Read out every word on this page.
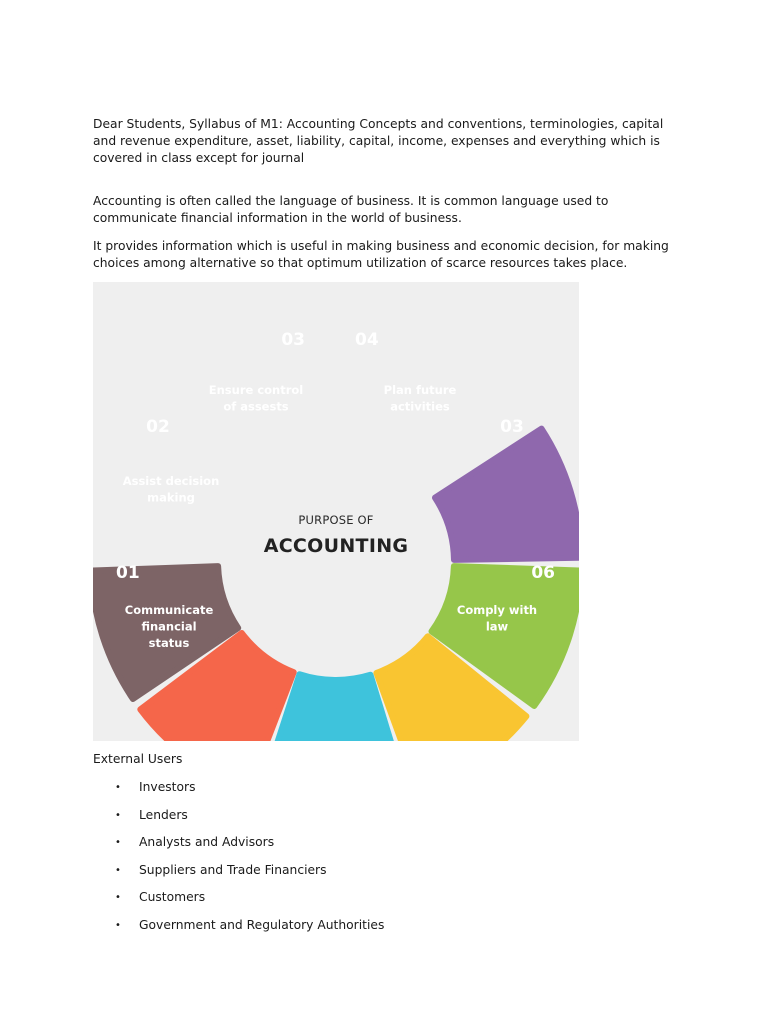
Dear Students, Syllabus of M1: Accounting Concepts and conventions, terminologies, capital and revenue expenditure, asset, liability, capital, income, expenses and everything which is covered in class except for journal

Accounting is often called the language of business. It is common language used to communicate financial information in the world of business.

It provides information which is useful in making business and economic decision, for making choices among alternative so that optimum utilization of scarce resources takes place.

01
Communicate
financial
status
02
Assist decision
making
03
Ensure control
of assests
04
Plan future
activities
03
06
Comply with
law
PURPOSE OF
ACCOUNTING

External Users

• Investors
• Lenders
• Analysts and Advisors
• Suppliers and Trade Financiers
• Customers
• Government and Regulatory Authorities
